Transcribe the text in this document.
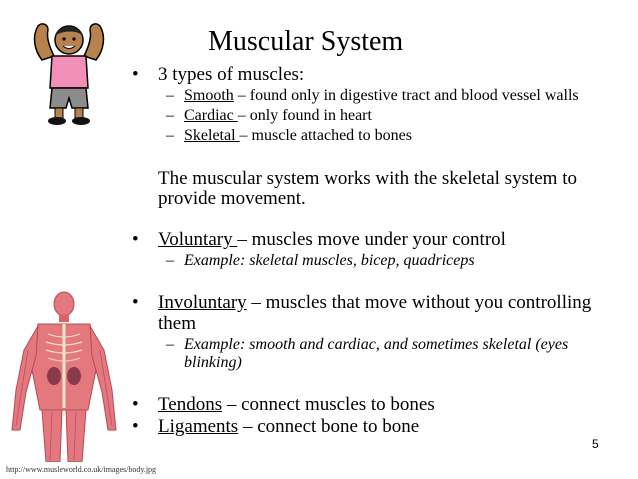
Muscular System
• 3 types of muscles:
– Smooth – found only in digestive tract and blood vessel walls
– Cardiac – only found in heart
– Skeletal – muscle attached to bones
The muscular system works with the skeletal system to provide movement.
• Voluntary – muscles move under your control
– Example: skeletal muscles, bicep, quadriceps
• Involuntary – muscles that move without you controlling them
– Example: smooth and cardiac, and sometimes skeletal (eyes blinking)
• Tendons – connect muscles to bones
• Ligaments – connect bone to bone
5
http://www.musleworld.co.uk/images/body.jpg
